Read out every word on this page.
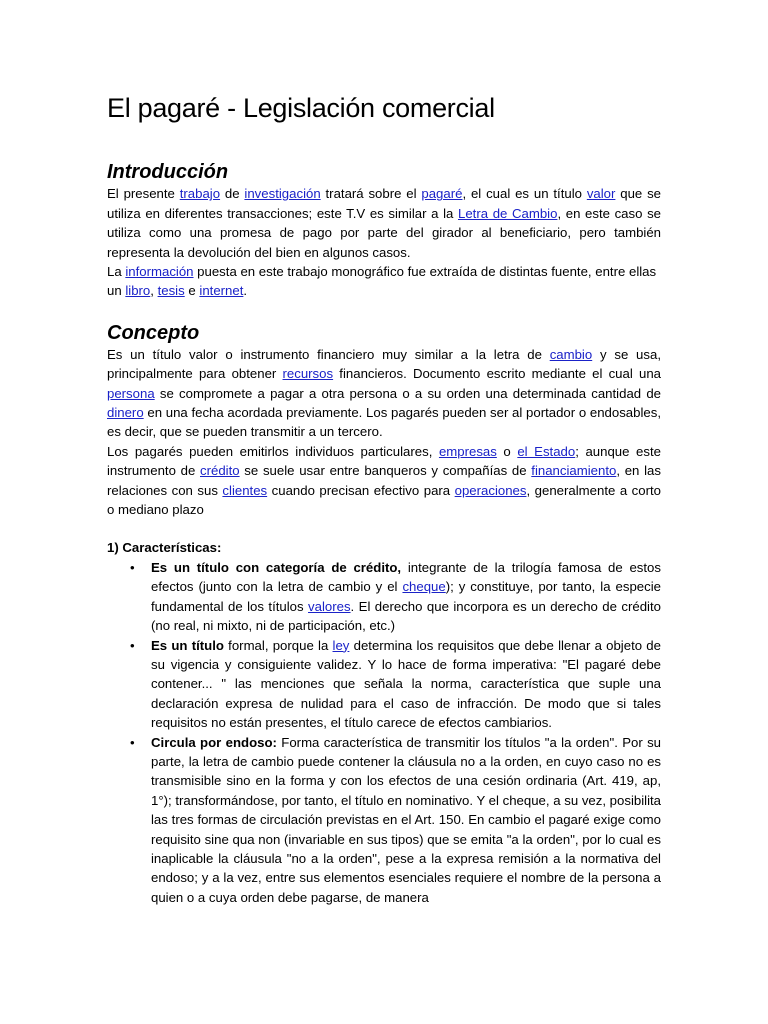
El pagaré - Legislación comercial
Introducción

El presente trabajo de investigación tratará sobre el pagaré, el cual es un título valor que se utiliza en diferentes transacciones; este T.V es similar a la Letra de Cambio, en este caso se utiliza como una promesa de pago por parte del girador al beneficiario, pero también representa la devolución del bien en algunos casos.

La información puesta en este trabajo monográfico fue extraída de distintas fuente, entre ellas un libro, tesis e internet.

Concepto

Es un título valor o instrumento financiero muy similar a la letra de cambio y se usa, principalmente para obtener recursos financieros. Documento escrito mediante el cual una persona se compromete a pagar a otra persona o a su orden una determinada cantidad de dinero en una fecha acordada previamente. Los pagarés pueden ser al portador o endosables, es decir, que se pueden transmitir a un tercero.

Los pagarés pueden emitirlos individuos particulares, empresas o el Estado; aunque este instrumento de crédito se suele usar entre banqueros y compañías de financiamiento, en las relaciones con sus clientes cuando precisan efectivo para operaciones, generalmente a corto o mediano plazo

1) Características:
• Es un título con categoría de crédito, integrante de la trilogía famosa de estos efectos (junto con la letra de cambio y el cheque); y constituye, por tanto, la especie fundamental de los títulos valores. El derecho que incorpora es un derecho de crédito (no real, ni mixto, ni de participación, etc.)
• Es un título formal, porque la ley determina los requisitos que debe llenar a objeto de su vigencia y consiguiente validez. Y lo hace de forma imperativa: "El pagaré debe contener... " las menciones que señala la norma, característica que suple una declaración expresa de nulidad para el caso de infracción. De modo que si tales requisitos no están presentes, el título carece de efectos cambiarios.
• Circula por endoso: Forma característica de transmitir los títulos "a la orden". Por su parte, la letra de cambio puede contener la cláusula no a la orden, en cuyo caso no es transmisible sino en la forma y con los efectos de una cesión ordinaria (Art. 419, ap, 1°); transformándose, por tanto, el título en nominativo. Y el cheque, a su vez, posibilita las tres formas de circulación previstas en el Art. 150. En cambio el pagaré exige como requisito sine qua non (invariable en sus tipos) que se emita "a la orden", por lo cual es inaplicable la cláusula "no a la orden", pese a la expresa remisión a la normativa del endoso; y a la vez, entre sus elementos esenciales requiere el nombre de la persona a quien o a cuya orden debe pagarse, de manera
